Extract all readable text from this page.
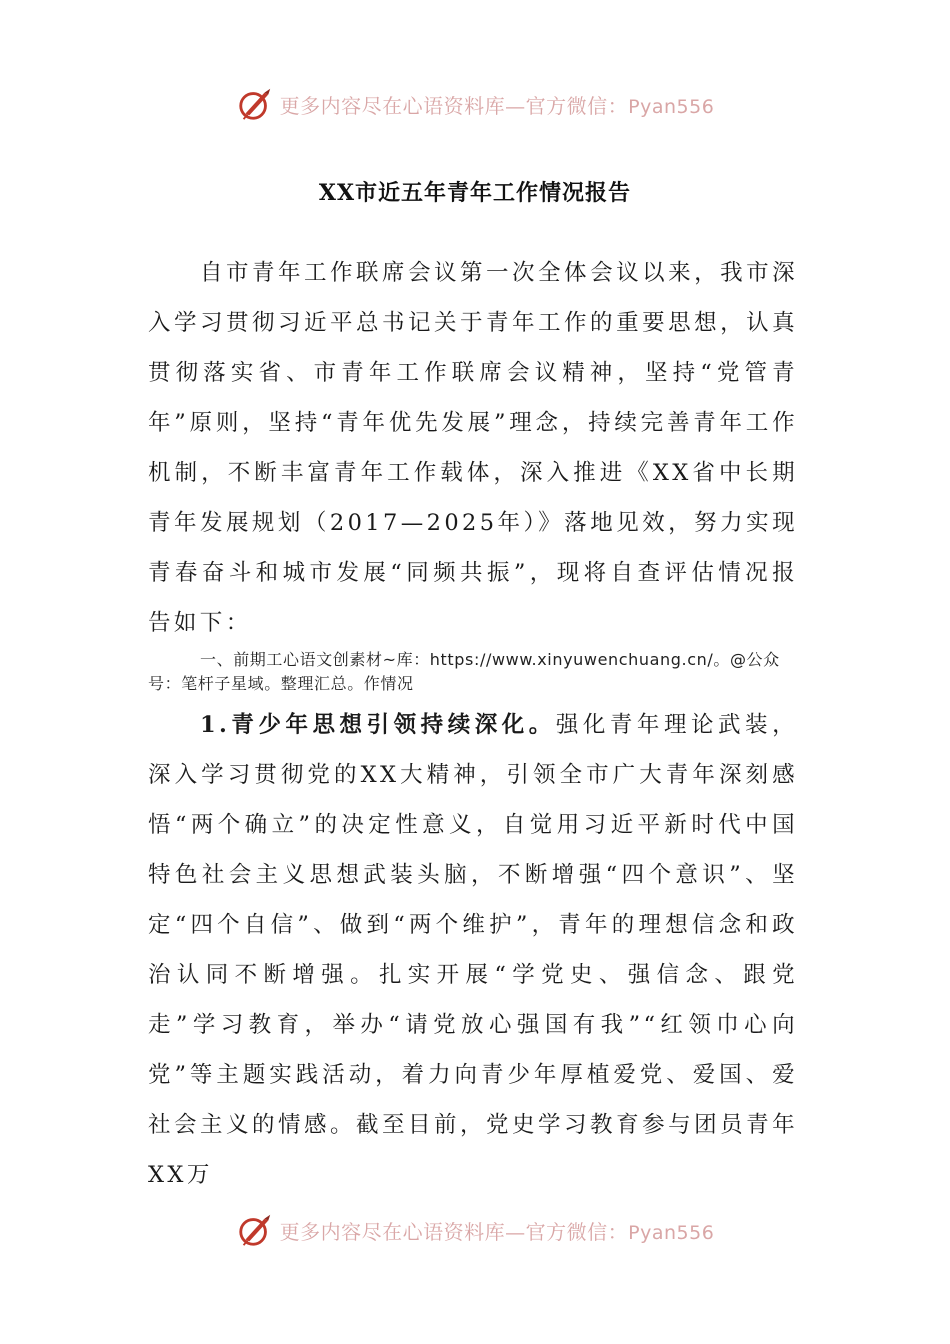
更多内容尽在心语资料库—官方微信：Pyan556
XX市近五年青年工作情况报告

自市青年工作联席会议第一次全体会议以来，我市深入学习贯彻习近平总书记关于青年工作的重要思想，认真贯彻落实省、市青年工作联席会议精神，坚持“党管青年”原则，坚持“青年优先发展”理念，持续完善青年工作机制，不断丰富青年工作载体，深入推进《XX省中长期青年发展规划（2017—2025年）》落地见效，努力实现青春奋斗和城市发展“同频共振”，现将自查评估情况报告如下：

一、前期工心语文创素材~库：https://www.xinyuwenchuang.cn/。@公众号：笔杆子星域。整理汇总。作情况

1.青少年思想引领持续深化。强化青年理论武装，深入学习贯彻党的XX大精神，引领全市广大青年深刻感悟“两个确立”的决定性意义，自觉用习近平新时代中国特色社会主义思想武装头脑，不断增强“四个意识”、坚定“四个自信”、做到“两个维护”，青年的理想信念和政治认同不断增强。扎实开展“学党史、强信念、跟党走”学习教育，举办“请党放心强国有我”“红领巾心向党”等主题实践活动，着力向青少年厚植爱党、爱国、爱社会主义的情感。截至目前，党史学习教育参与团员青年XX万

更多内容尽在心语资料库—官方微信：Pyan556
